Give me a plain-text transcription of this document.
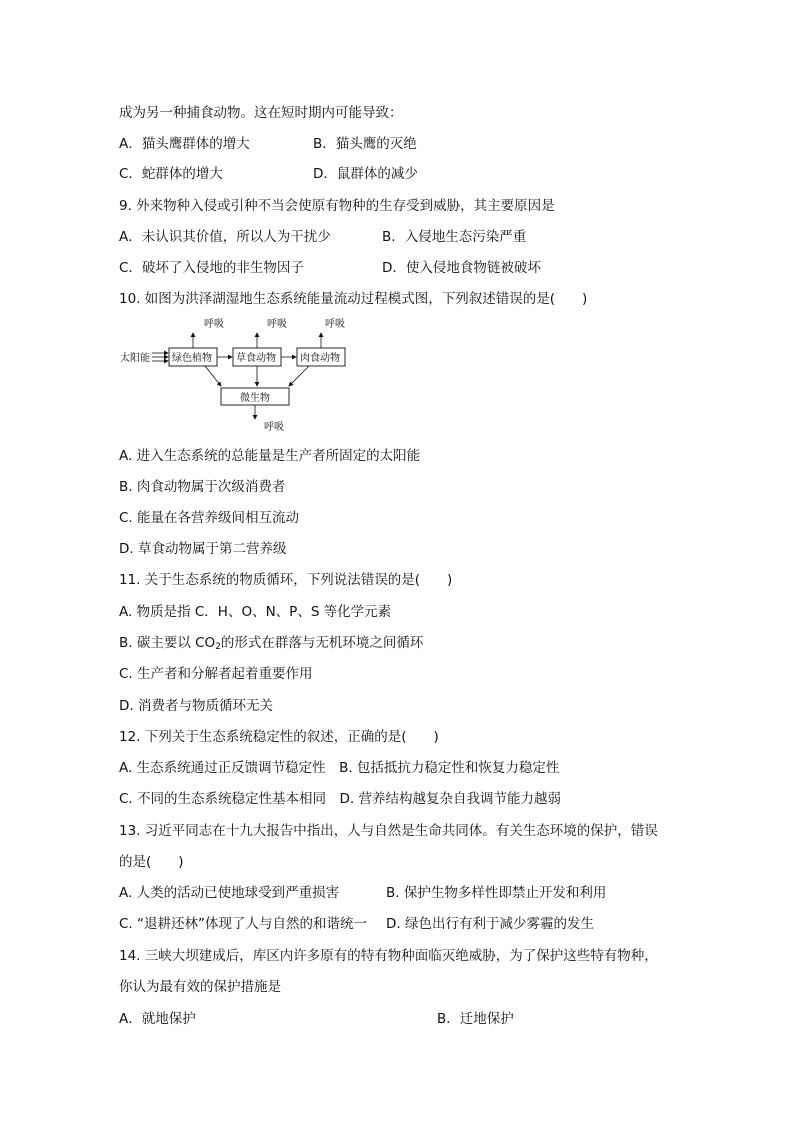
成为另一种捕食动物。这在短时期内可能导致：
A．猫头鹰群体的增大	B．猫头鹰的灭绝
C．蛇群体的增大	D．鼠群体的减少
9. 外来物种入侵或引种不当会使原有物种的生存受到威胁，其主要原因是
A．未认识其价值，所以人为干扰少	B．入侵地生态污染严重
C．破坏了入侵地的非生物因子	D．使入侵地食物链被破坏
10. 如图为洪泽湖湿地生态系统能量流动过程模式图，下列叙述错误的是(　　)
太阳能 绿色植物 草食动物 肉食动物
呼吸	呼吸	呼吸
微生物
呼吸
A. 进入生态系统的总能量是生产者所固定的太阳能
B. 肉食动物属于次级消费者
C. 能量在各营养级间相互流动
D. 草食动物属于第二营养级
11. 关于生态系统的物质循环，下列说法错误的是(　　)
A. 物质是指 C．H、O、N、P、S 等化学元素
B. 碳主要以 $CO_2$的形式在群落与无机环境之间循环
C. 生产者和分解者起着重要作用
D. 消费者与物质循环无关
12. 下列关于生态系统稳定性的叙述，正确的是(　　)
A. 生态系统通过正反馈调节稳定性　B. 包括抵抗力稳定性和恢复力稳定性
C. 不同的生态系统稳定性基本相同　D. 营养结构越复杂自我调节能力越弱
13. 习近平同志在十九大报告中指出，人与自然是生命共同体。有关生态环境的保护，错误
的是(　　)
A. 人类的活动已使地球受到严重损害	B. 保护生物多样性即禁止开发和利用
C. “退耕还林”体现了人与自然的和谐统一 D. 绿色出行有利于减少雾霾的发生
14. 三峡大坝建成后，库区内许多原有的特有物种面临灭绝威胁，为了保护这些特有物种，
你认为最有效的保护措施是
A．就地保护	B．迁地保护
